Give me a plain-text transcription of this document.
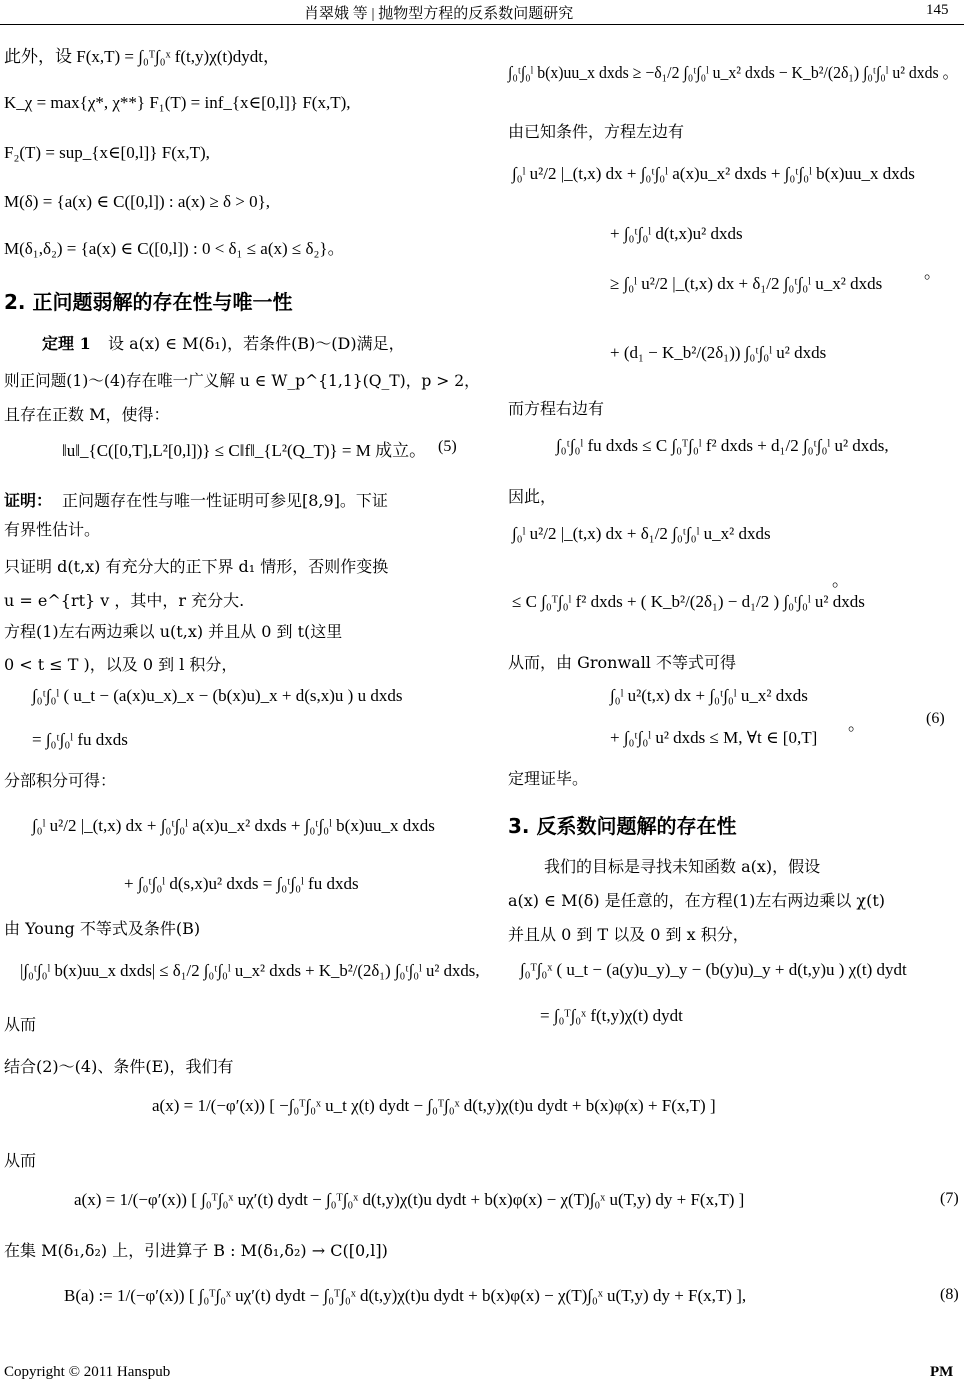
肖翠娥 等 | 抛物型方程的反系数问题研究	145
此外，设 F(x,T) = ∫₀ᵀ∫₀ˣ f(t,y)χ(t)dydt，
K_χ = max{χ*, χ**} F₁(T) = inf_{x∈[0,l]} F(x,T),
F₂(T) = sup_{x∈[0,l]} F(x,T),
M(δ) = {a(x) ∈ C([0,l]) : a(x) ≥ δ > 0},
M(δ₁,δ₂) = {a(x) ∈ C([0,l]) : 0 < δ₁ ≤ a(x) ≤ δ₂}。
2. 正问题弱解的存在性与唯一性
定理 1 设 a(x) ∈ M(δ₁)，若条件(B)～(D)满足，
则正问题(1)～(4)存在唯一广义解 u ∈ W_p^{1,1}(Q_T)，p > 2，
且存在正数 M，使得：
‖u‖_{C([0,T],L²[0,l])} ≤ C‖f‖_{L²(Q_T)} = M 成立。 (5)
证明： 正问题存在性与唯一性证明可参见[8,9]。下证
有界性估计。
只证明 d(t,x) 有充分大的正下界 d₁ 情形，否则作变换
u = e^{rt} v ，其中，r 充分大.
方程(1)左右两边乘以 u(t,x) 并且从 0 到 t(这里
0 < t ≤ T )，以及 0 到 l 积分，
∫₀ᵗ∫₀ˡ ( u_t − (a(x)u_x)_x − (b(x)u)_x + d(s,x)u ) u dxds
= ∫₀ᵗ∫₀ˡ fu dxds
分部积分可得：
∫₀ˡ u²/2 |_(t,x) dx + ∫₀ᵗ∫₀ˡ a(x)u_x² dxds + ∫₀ᵗ∫₀ˡ b(x)uu_x dxds
+ ∫₀ᵗ∫₀ˡ d(s,x)u² dxds = ∫₀ᵗ∫₀ˡ fu dxds
由 Young 不等式及条件(B)
|∫₀ᵗ∫₀ˡ b(x)uu_x dxds| ≤ δ₁/2 ∫₀ᵗ∫₀ˡ u_x² dxds + K_b²/(2δ₁) ∫₀ᵗ∫₀ˡ u² dxds,
从而
∫₀ᵗ∫₀ˡ b(x)uu_x dxds ≥ −δ₁/2 ∫₀ᵗ∫₀ˡ u_x² dxds − K_b²/(2δ₁) ∫₀ᵗ∫₀ˡ u² dxds 。
由已知条件，方程左边有
∫₀ˡ u²/2 |_(t,x) dx + ∫₀ᵗ∫₀ˡ a(x)u_x² dxds + ∫₀ᵗ∫₀ˡ b(x)uu_x dxds
+ ∫₀ᵗ∫₀ˡ d(t,x)u² dxds
≥ ∫₀ˡ u²/2 |_(t,x) dx + δ₁/2 ∫₀ᵗ∫₀ˡ u_x² dxds
+ (d₁ − K_b²/(2δ₁)) ∫₀ᵗ∫₀ˡ u² dxds
。
而方程右边有
∫₀ᵗ∫₀ˡ fu dxds ≤ C ∫₀ᵀ∫₀ˡ f² dxds + d₁/2 ∫₀ᵗ∫₀ˡ u² dxds,
因此，
∫₀ˡ u²/2 |_(t,x) dx + δ₁/2 ∫₀ᵗ∫₀ˡ u_x² dxds
≤ C ∫₀ᵀ∫₀ˡ f² dxds + ( K_b²/(2δ₁) − d₁/2 ) ∫₀ᵗ∫₀ˡ u² dxds
。
从而，由 Gronwall 不等式可得
∫₀ˡ u²(t,x) dx + ∫₀ᵗ∫₀ˡ u_x² dxds
+ ∫₀ᵗ∫₀ˡ u² dxds ≤ M, ∀t ∈ [0,T]
。	(6)
定理证毕。
3. 反系数问题解的存在性
我们的目标是寻找未知函数 a(x)，假设
a(x) ∈ M(δ) 是任意的，在方程(1)左右两边乘以 χ(t)
并且从 0 到 T 以及 0 到 x 积分，
∫₀ᵀ∫₀ˣ ( u_t − (a(y)u_y)_y − (b(y)u)_y + d(t,y)u ) χ(t) dydt
= ∫₀ᵀ∫₀ˣ f(t,y)χ(t) dydt
结合(2)～(4)、条件(E)，我们有
a(x) = 1/(−φ′(x)) [ −∫₀ᵀ∫₀ˣ u_t χ(t) dydt − ∫₀ᵀ∫₀ˣ d(t,y)χ(t)u dydt + b(x)φ(x) + F(x,T) ]
从而
a(x) = 1/(−φ′(x)) [ ∫₀ᵀ∫₀ˣ uχ′(t) dydt − ∫₀ᵀ∫₀ˣ d(t,y)χ(t)u dydt + b(x)φ(x) − χ(T)∫₀ˣ u(T,y) dy + F(x,T) ]	(7)
在集 M(δ₁,δ₂) 上，引进算子 B : M(δ₁,δ₂) → C([0,l])
B(a) := 1/(−φ′(x)) [ ∫₀ᵀ∫₀ˣ uχ′(t) dydt − ∫₀ᵀ∫₀ˣ d(t,y)χ(t)u dydt + b(x)φ(x) − χ(T)∫₀ˣ u(T,y) dy + F(x,T) ],	(8)
Copyright © 2011 Hanspub	PM
